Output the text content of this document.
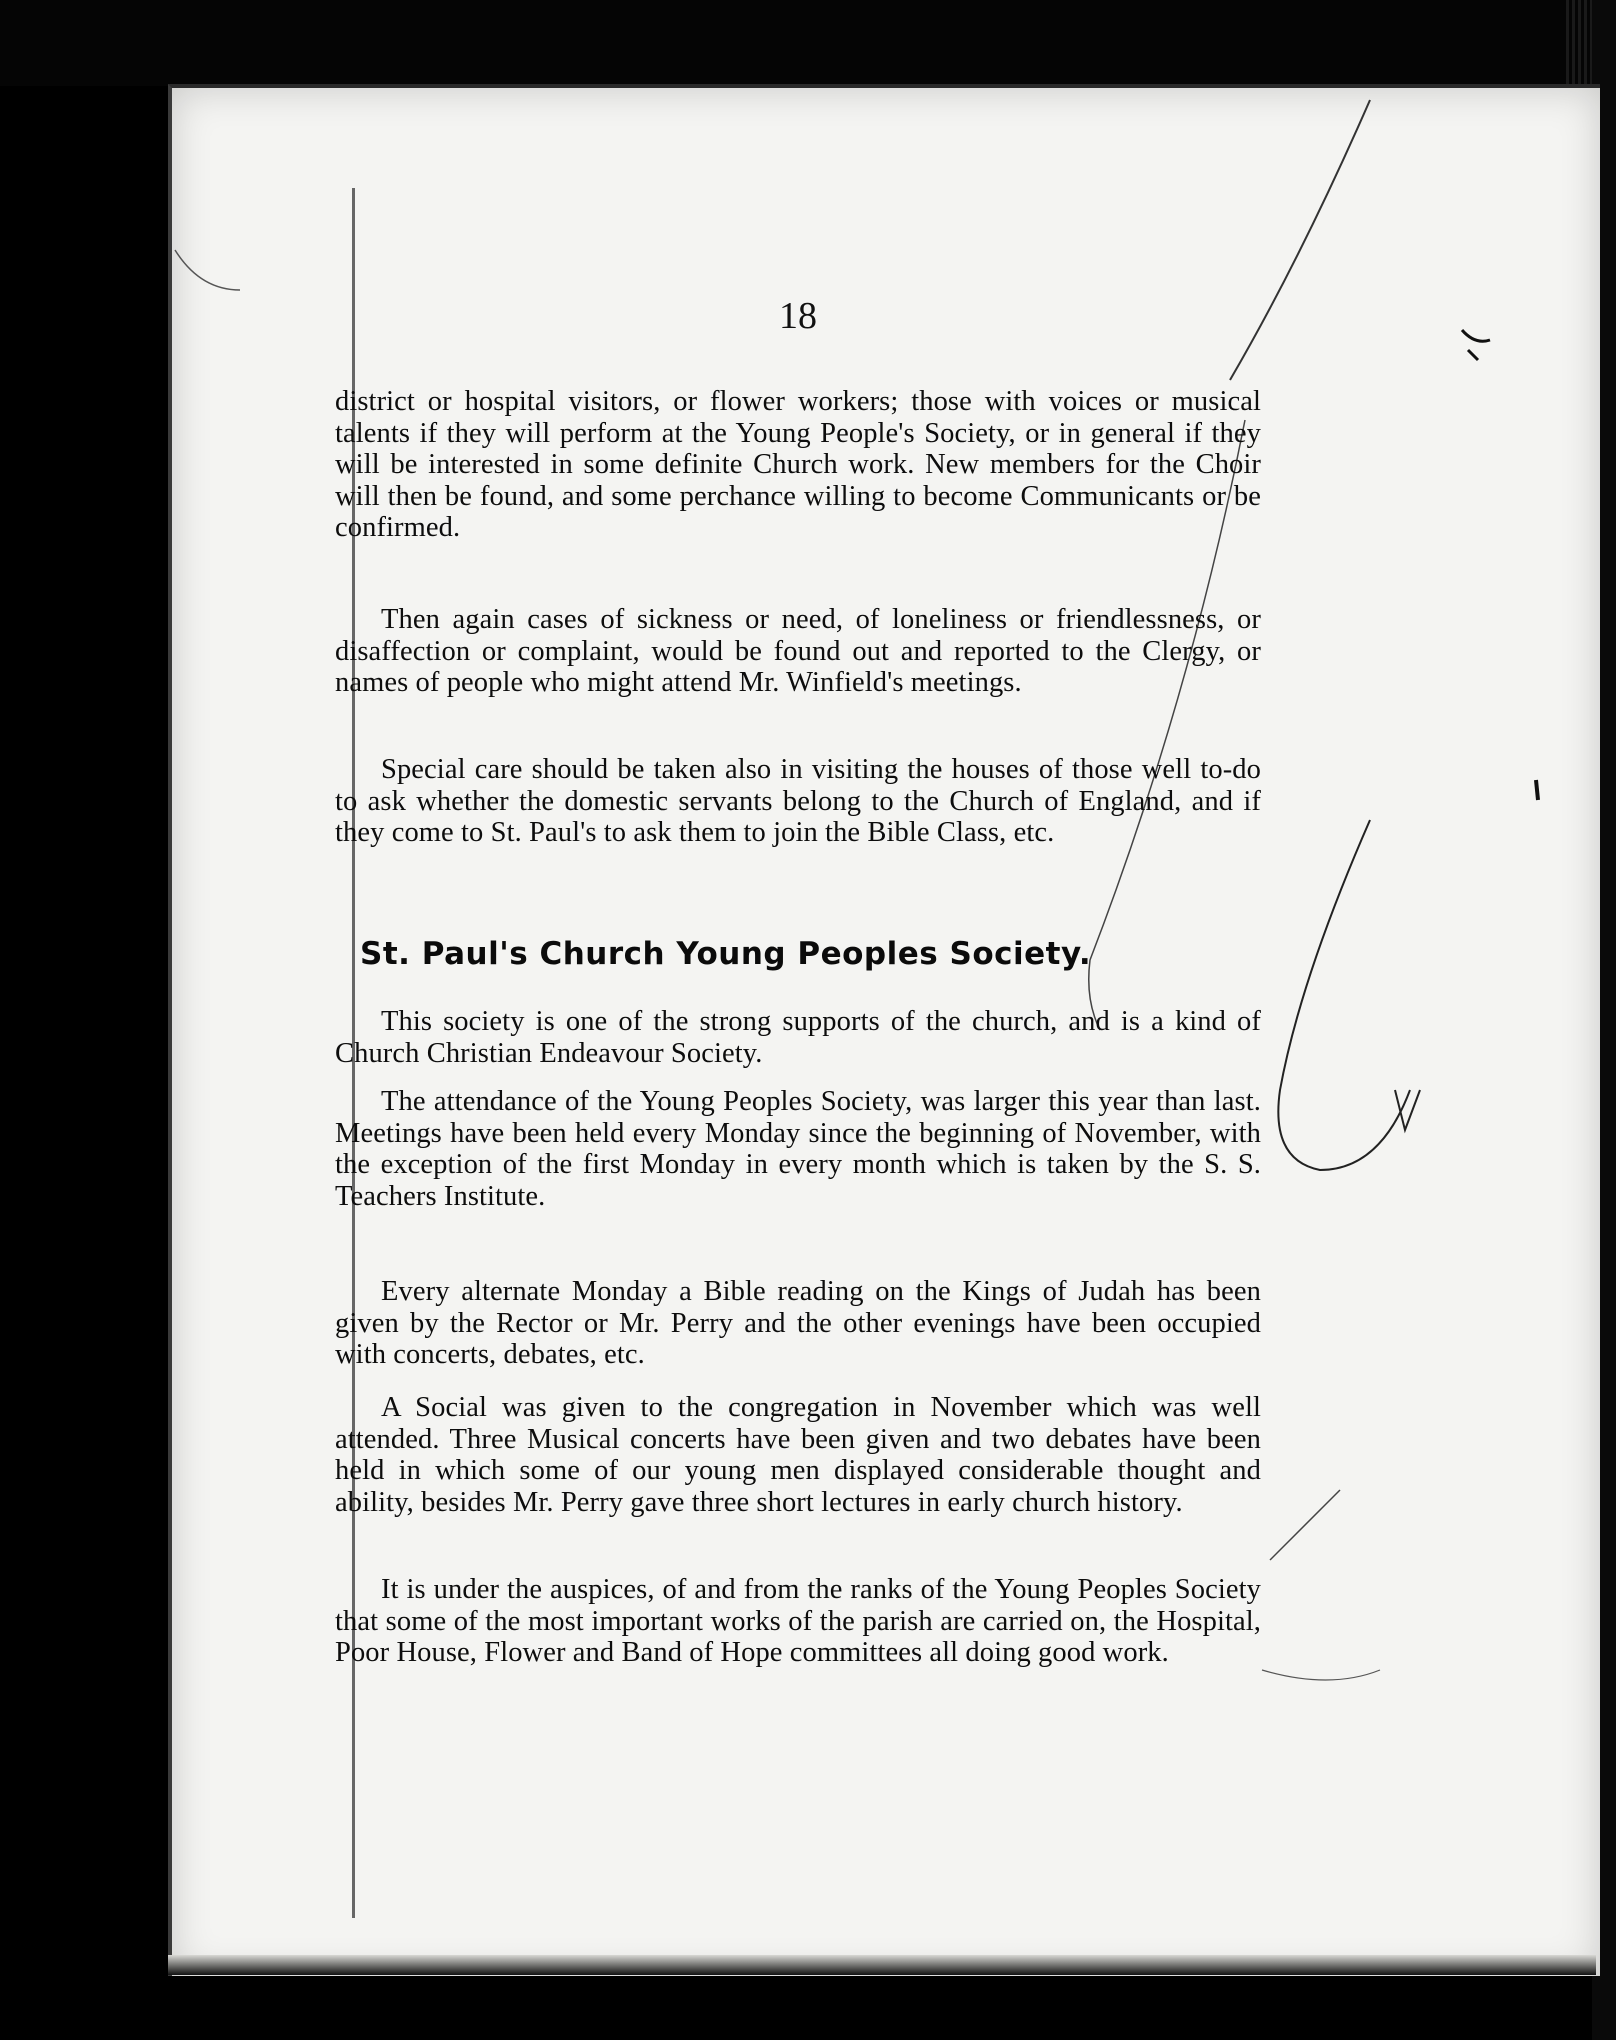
18

district or hospital visitors, or flower workers; those with voices or musical talents if they will perform at the Young People's Society, or in general if they will be interested in some definite Church work. New members for the Choir will then be found, and some perchance willing to become Communicants or be confirmed.

Then again cases of sickness or need, of loneliness or friendlessness, or disaffection or complaint, would be found out and reported to the Clergy, or names of people who might attend Mr. Winfield's meetings.

Special care should be taken also in visiting the houses of those well to-do to ask whether the domestic servants belong to the Church of England, and if they come to St. Paul's to ask them to join the Bible Class, etc.

St. Paul's Church Young Peoples Society.

This society is one of the strong supports of the church, and is a kind of Church Christian Endeavour Society.

The attendance of the Young Peoples Society, was larger this year than last. Meetings have been held every Monday since the beginning of November, with the exception of the first Monday in every month which is taken by the S. S. Teachers Institute.

Every alternate Monday a Bible reading on the Kings of Judah has been given by the Rector or Mr. Perry and the other evenings have been occupied with concerts, debates, etc.

A Social was given to the congregation in November which was well attended. Three Musical concerts have been given and two debates have been held in which some of our young men displayed considerable thought and ability, besides Mr. Perry gave three short lectures in early church history.

It is under the auspices, of and from the ranks of the Young Peoples Society that some of the most important works of the parish are carried on, the Hospital, Poor House, Flower and Band of Hope committees all doing good work.
